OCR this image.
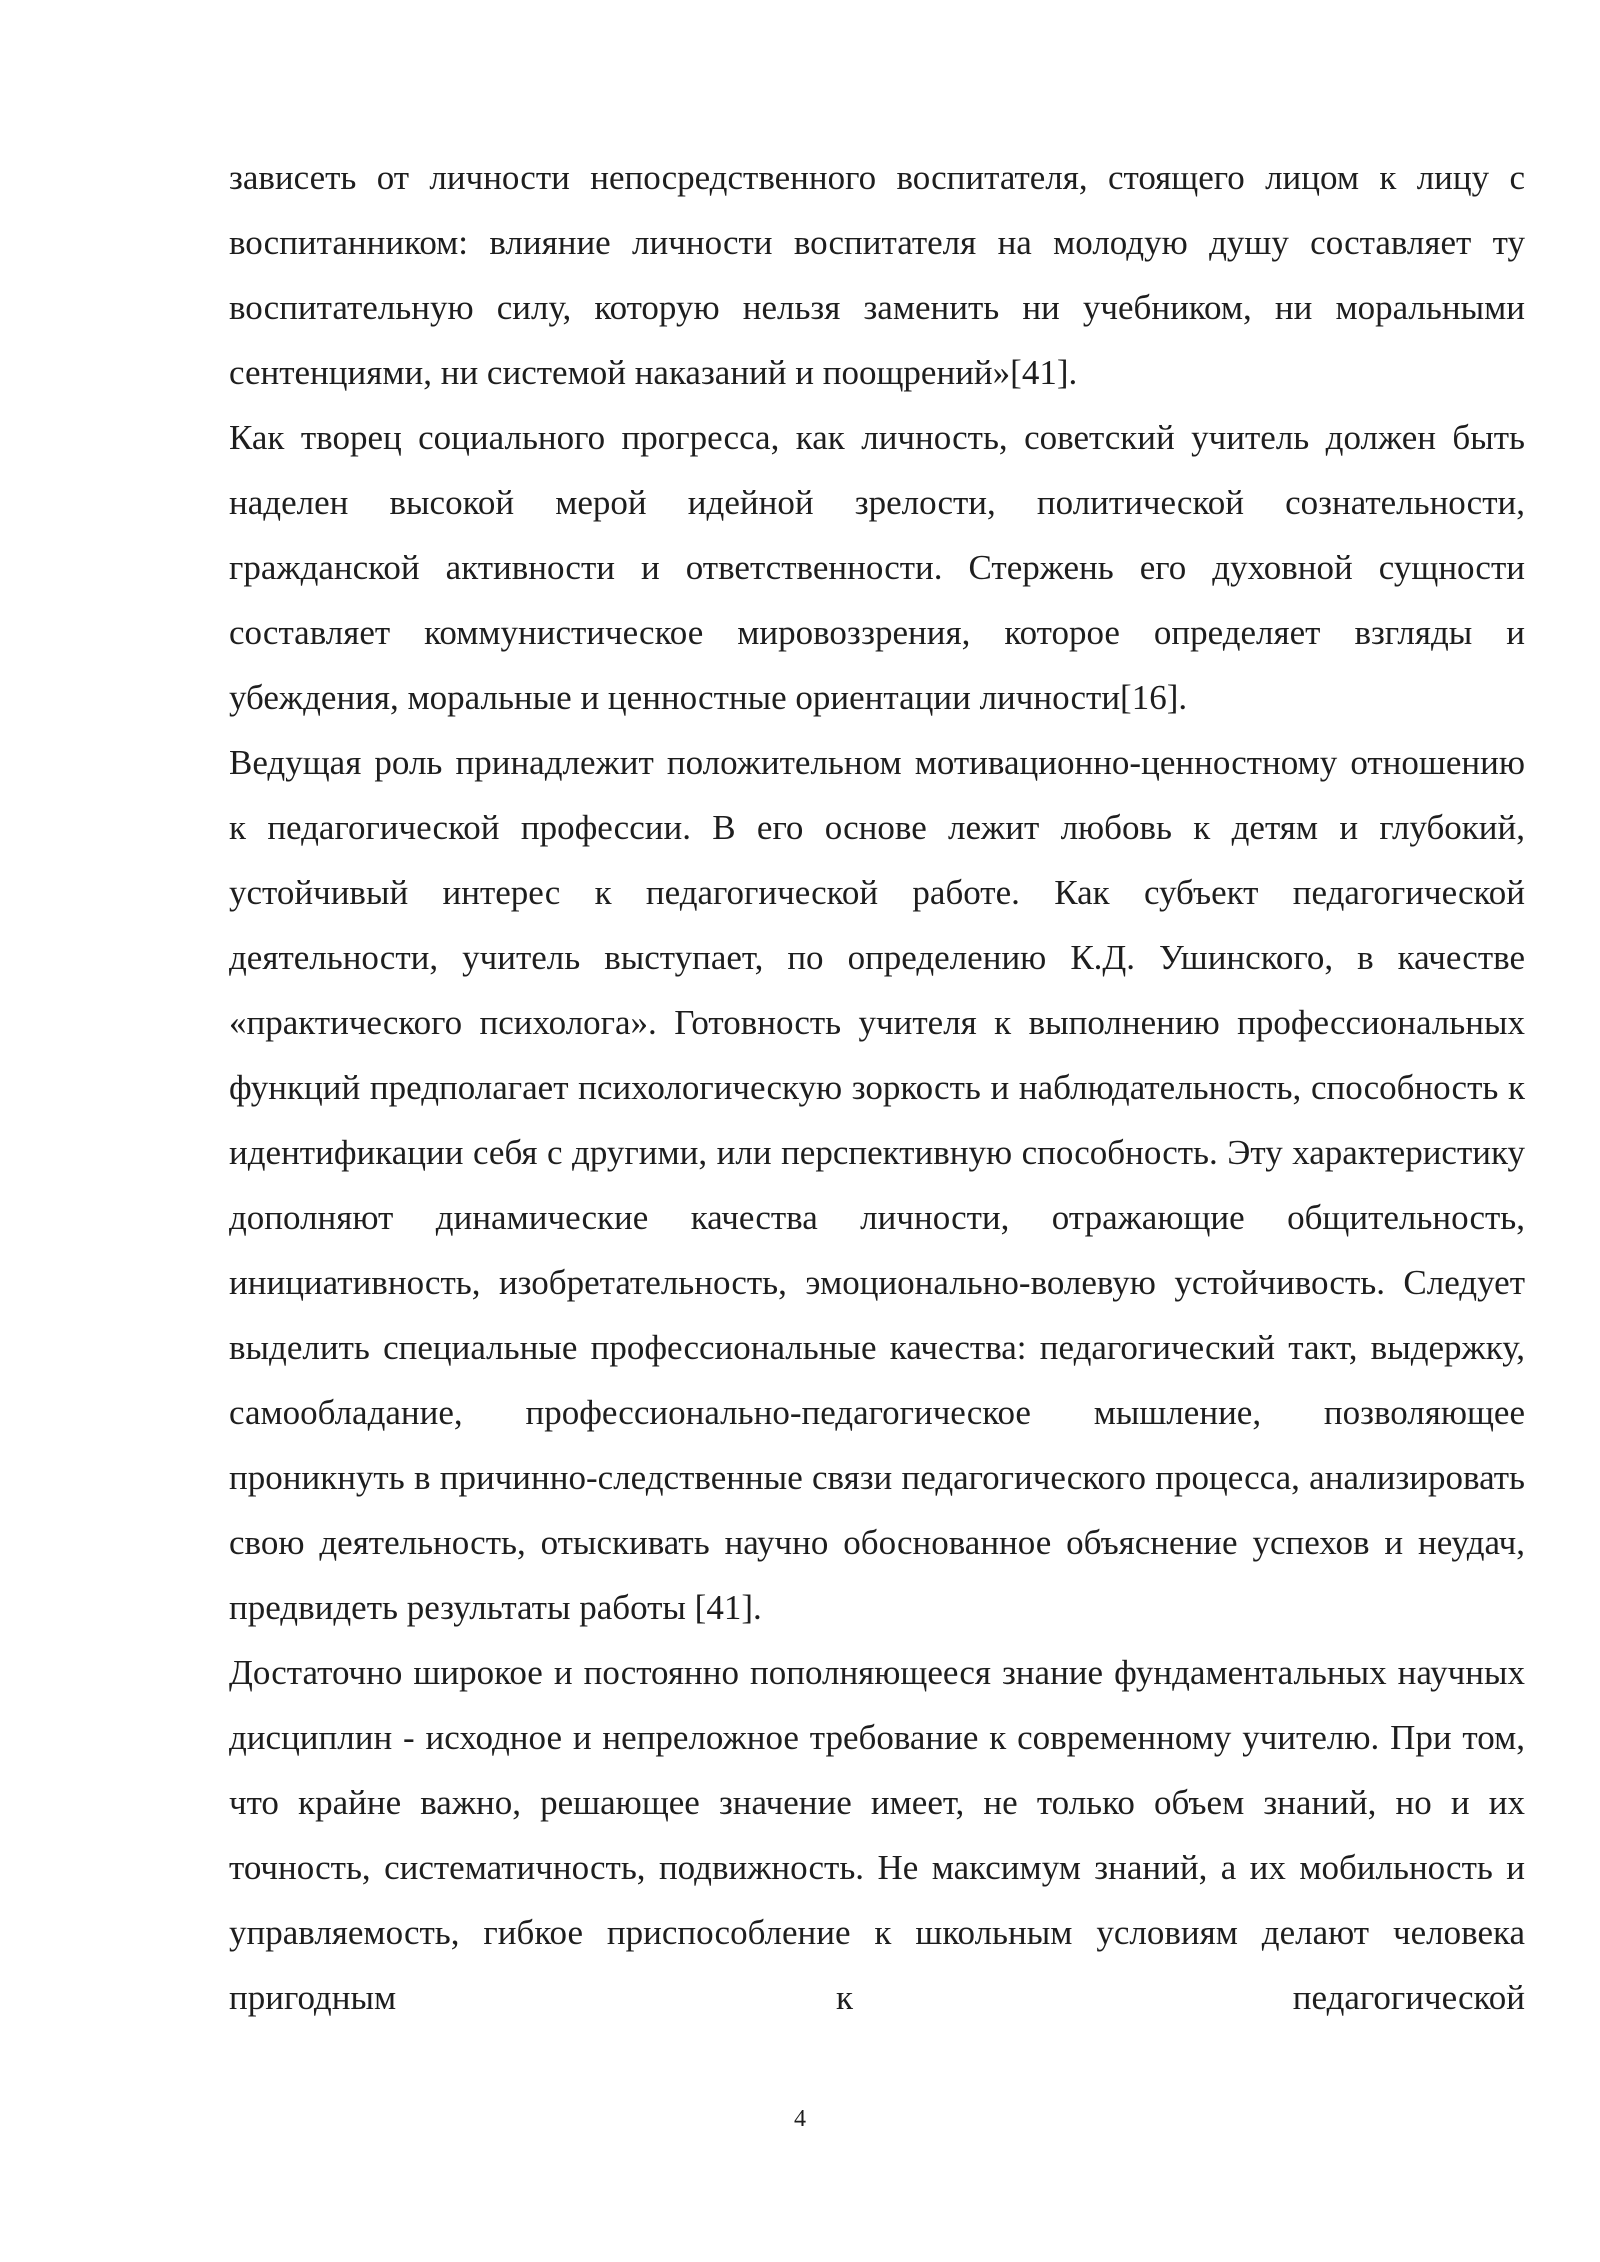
зависеть от личности непосредственного воспитателя, стоящего лицом к лицу с воспитанником: влияние личности воспитателя на молодую душу составляет ту воспитательную силу, которую нельзя заменить ни учебником, ни моральными сентенциями, ни системой наказаний и поощрений»[41].

Как творец социального прогресса, как личность, советский учитель должен быть наделен высокой мерой идейной зрелости, политической сознательности, гражданской активности и ответственности. Стержень его духовной сущности составляет коммунистическое мировоззрения, которое определяет взгляды и убеждения, моральные и ценностные ориентации личности[16].

Ведущая роль принадлежит положительном мотивационно-ценностному отношению к педагогической профессии. В его основе лежит любовь к детям и глубокий, устойчивый интерес к педагогической работе. Как субъект педагогической деятельности, учитель выступает, по определению К.Д. Ушинского, в качестве «практического психолога». Готовность учителя к выполнению профессиональных функций предполагает психологическую зоркость и наблюдательность, способность к идентификации себя с другими, или перспективную способность. Эту характеристику дополняют динамические качества личности, отражающие общительность, инициативность, изобретательность, эмоционально-волевую устойчивость. Следует выделить специальные профессиональные качества: педагогический такт, выдержку, самообладание, профессионально-педагогическое мышление, позволяющее проникнуть в причинно-следственные связи педагогического процесса, анализировать свою деятельность, отыскивать научно обоснованное объяснение успехов и неудач, предвидеть результаты работы [41].

Достаточно широкое и постоянно пополняющееся знание фундаментальных научных дисциплин - исходное и непреложное требование к современному учителю. При том, что крайне важно, решающее значение имеет, не только объем знаний, но и их точность, систематичность, подвижность. Не максимум знаний, а их мобильность и управляемость, гибкое приспособление к школьным условиям делают человека пригодным к педагогической

4
